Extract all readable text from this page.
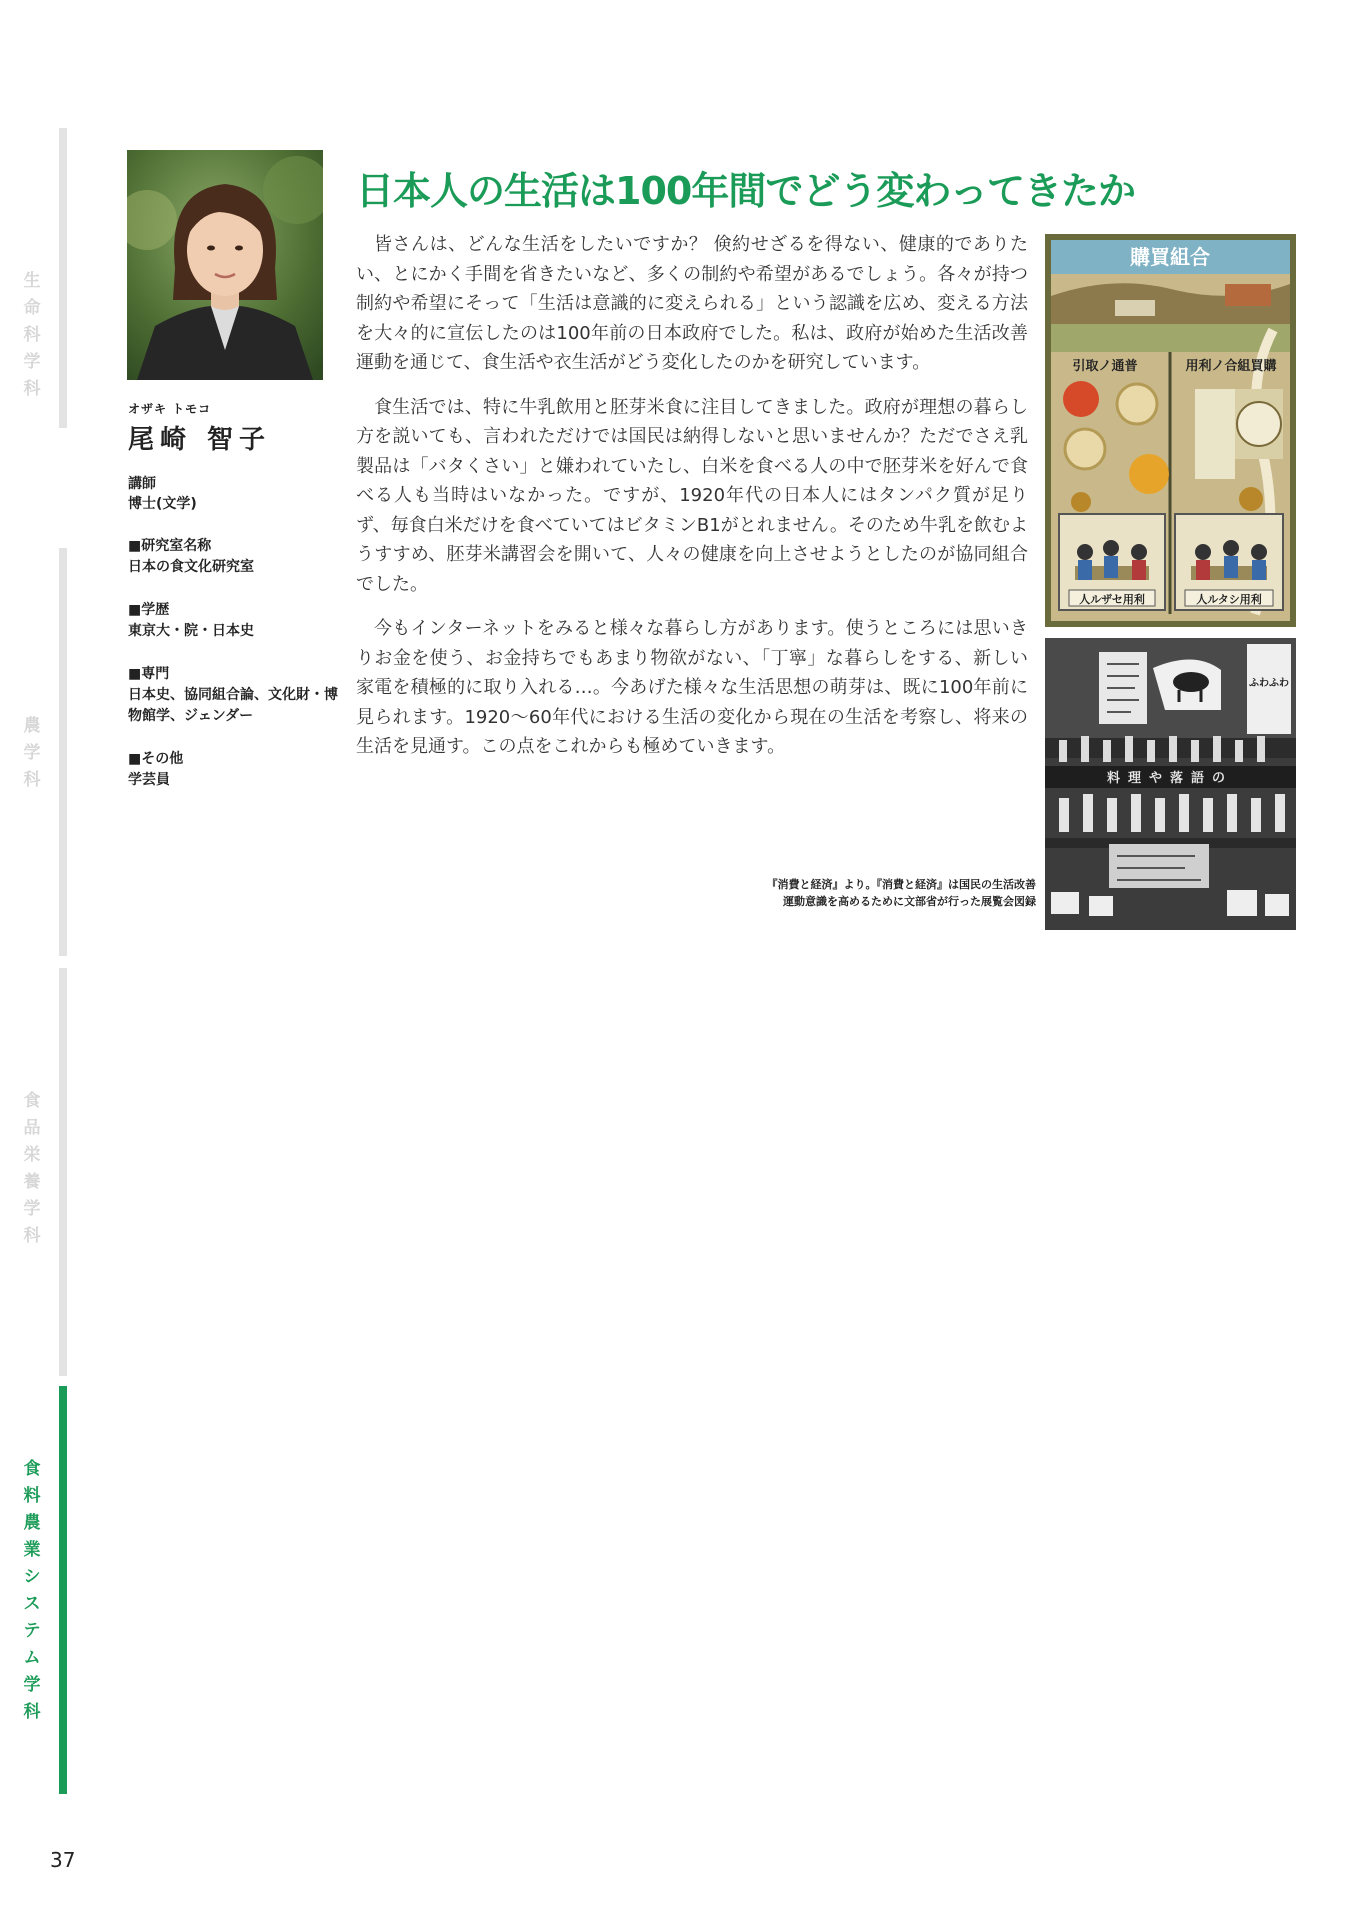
生命科学科
農学科
食品栄養学科
食料農業システム学科
オザキ トモコ
尾崎 智子
講師
博士(文学)
■研究室名称
日本の食文化研究室
■学歴
東京大・院・日本史
■専門
日本史、協同組合論、文化財・博物館学、ジェンダー
■その他
学芸員
日本人の生活は100年間でどう変わってきたか

皆さんは、どんな生活をしたいですか？ 倹約せざるを得ない、健康的でありたい、とにかく手間を省きたいなど、多くの制約や希望があるでしょう。各々が持つ制約や希望にそって「生活は意識的に変えられる」という認識を広め、変える方法を大々的に宣伝したのは100年前の日本政府でした。私は、政府が始めた生活改善運動を通じて、食生活や衣生活がどう変化したのかを研究しています。

食生活では、特に牛乳飲用と胚芽米食に注目してきました。政府が理想の暮らし方を説いても、言われただけでは国民は納得しないと思いませんか？ただでさえ乳製品は「バタくさい」と嫌われていたし、白米を食べる人の中で胚芽米を好んで食べる人も当時はいなかった。ですが、1920年代の日本人にはタンパク質が足りず、毎食白米だけを食べていてはビタミンB1がとれません。そのため牛乳を飲むようすすめ、胚芽米講習会を開いて、人々の健康を向上させようとしたのが協同組合でした。

今もインターネットをみると様々な暮らし方があります。使うところには思いきりお金を使う、お金持ちでもあまり物欲がない、「丁寧」な暮らしをする、新しい家電を積極的に取り入れる…。今あげた様々な生活思想の萌芽は、既に100年前に見られます。1920〜60年代における生活の変化から現在の生活を考察し、将来の生活を見通す。この点をこれからも極めていきます。

購買組合
引取ノ通普	用利ノ合組買購
人ルザセ用利	人ルタシ用利
ふわふわ
料理や落語の
『消費と経済』より。『消費と経済』は国民の生活改善運動意識を高めるために文部省が行った展覧会図録
37
